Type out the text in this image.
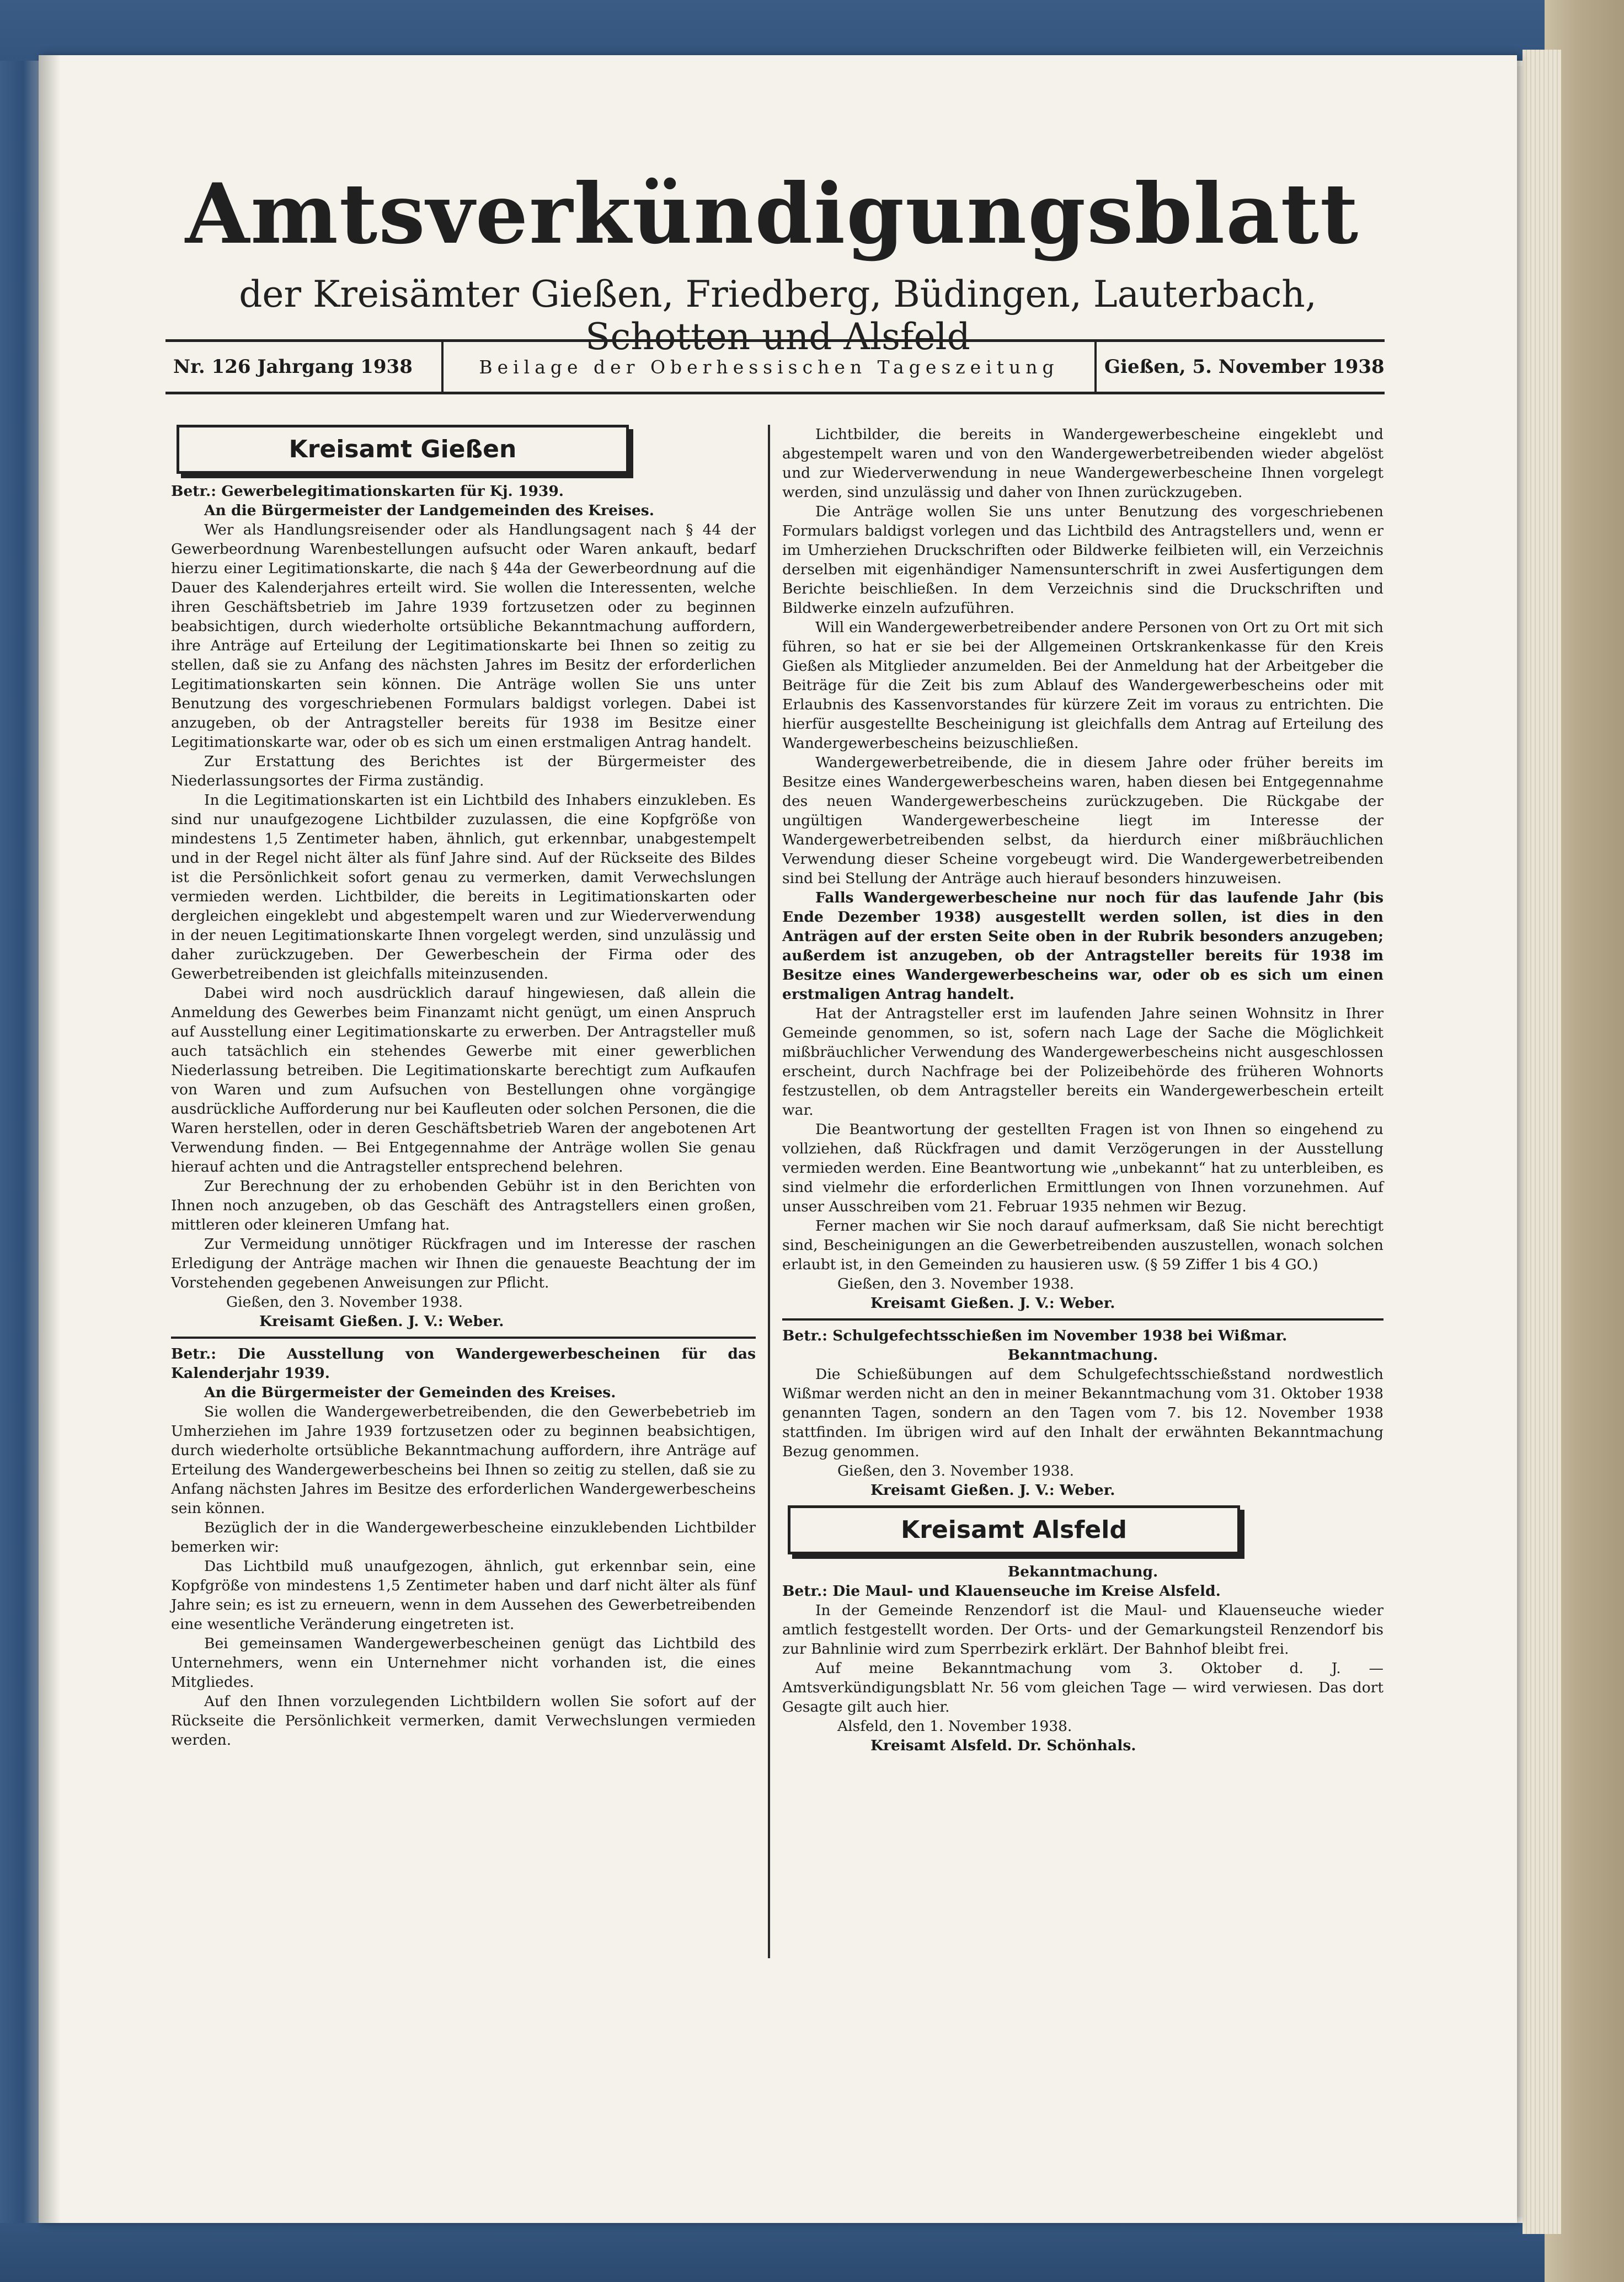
Amtsverkündigungsblatt
der Kreisämter Gießen, Friedberg, Büdingen, Lauterbach, Schotten und Alsfeld
Nr. 126 Jahrgang 1938	Beilage der Oberhessischen Tageszeitung	Gießen, 5. November 1938
Kreisamt Gießen
Betr.: Gewerbelegitimationskarten für Kj. 1939.
An die Bürgermeister der Landgemeinden des Kreises.
Wer als Handlungsreisender oder als Handlungsagent nach § 44 der Gewerbeordnung Warenbestellungen aufsucht oder Waren ankauft, bedarf hierzu einer Legitimationskarte, die nach § 44a der Gewerbeordnung auf die Dauer des Kalenderjahres erteilt wird. Sie wollen die Interessenten, welche ihren Geschäftsbetrieb im Jahre 1939 fortzusetzen oder zu beginnen beabsichtigen, durch wiederholte ortsübliche Bekanntmachung auffordern, ihre Anträge auf Erteilung der Legitimationskarte bei Ihnen so zeitig zu stellen, daß sie zu Anfang des nächsten Jahres im Besitz der erforderlichen Legitimationskarten sein können. Die Anträge wollen Sie uns unter Benutzung des vorgeschriebenen Formulars baldigst vorlegen. Dabei ist anzugeben, ob der Antragsteller bereits für 1938 im Besitze einer Legitimationskarte war, oder ob es sich um einen erstmaligen Antrag handelt.
Zur Erstattung des Berichtes ist der Bürgermeister des Niederlassungsortes der Firma zuständig.
In die Legitimationskarten ist ein Lichtbild des Inhabers einzukleben. Es sind nur unaufgezogene Lichtbilder zuzulassen, die eine Kopfgröße von mindestens 1,5 Zentimeter haben, ähnlich, gut erkennbar, unabgestempelt und in der Regel nicht älter als fünf Jahre sind. Auf der Rückseite des Bildes ist die Persönlichkeit sofort genau zu vermerken, damit Verwechslungen vermieden werden. Lichtbilder, die bereits in Legitimationskarten oder dergleichen eingeklebt und abgestempelt waren und zur Wiederverwendung in der neuen Legitimationskarte Ihnen vorgelegt werden, sind unzulässig und daher zurückzugeben. Der Gewerbeschein der Firma oder des Gewerbetreibenden ist gleichfalls miteinzusenden.
Dabei wird noch ausdrücklich darauf hingewiesen, daß allein die Anmeldung des Gewerbes beim Finanzamt nicht genügt, um einen Anspruch auf Ausstellung einer Legitimationskarte zu erwerben. Der Antragsteller muß auch tatsächlich ein stehendes Gewerbe mit einer gewerblichen Niederlassung betreiben. Die Legitimationskarte berechtigt zum Aufkaufen von Waren und zum Aufsuchen von Bestellungen ohne vorgängige ausdrückliche Aufforderung nur bei Kaufleuten oder solchen Personen, die die Waren herstellen, oder in deren Geschäftsbetrieb Waren der angebotenen Art Verwendung finden. — Bei Entgegennahme der Anträge wollen Sie genau hierauf achten und die Antragsteller entsprechend belehren.
Zur Berechnung der zu erhobenden Gebühr ist in den Berichten von Ihnen noch anzugeben, ob das Geschäft des Antragstellers einen großen, mittleren oder kleineren Umfang hat.
Zur Vermeidung unnötiger Rückfragen und im Interesse der raschen Erledigung der Anträge machen wir Ihnen die genaueste Beachtung der im Vorstehenden gegebenen Anweisungen zur Pflicht.
Gießen, den 3. November 1938.
Kreisamt Gießen. J. V.: Weber.
Betr.: Die Ausstellung von Wandergewerbescheinen für das Kalenderjahr 1939.
An die Bürgermeister der Gemeinden des Kreises.
Sie wollen die Wandergewerbetreibenden, die den Gewerbebetrieb im Umherziehen im Jahre 1939 fortzusetzen oder zu beginnen beabsichtigen, durch wiederholte ortsübliche Bekanntmachung auffordern, ihre Anträge auf Erteilung des Wandergewerbescheins bei Ihnen so zeitig zu stellen, daß sie zu Anfang nächsten Jahres im Besitze des erforderlichen Wandergewerbescheins sein können.
Bezüglich der in die Wandergewerbescheine einzuklebenden Lichtbilder bemerken wir:
Das Lichtbild muß unaufgezogen, ähnlich, gut erkennbar sein, eine Kopfgröße von mindestens 1,5 Zentimeter haben und darf nicht älter als fünf Jahre sein; es ist zu erneuern, wenn in dem Aussehen des Gewerbetreibenden eine wesentliche Veränderung eingetreten ist.
Bei gemeinsamen Wandergewerbescheinen genügt das Lichtbild des Unternehmers, wenn ein Unternehmer nicht vorhanden ist, die eines Mitgliedes.
Auf den Ihnen vorzulegenden Lichtbildern wollen Sie sofort auf der Rückseite die Persönlichkeit vermerken, damit Verwechslungen vermieden werden.
Lichtbilder, die bereits in Wandergewerbescheine eingeklebt und abgestempelt waren und von den Wandergewerbetreibenden wieder abgelöst und zur Wiederverwendung in neue Wandergewerbescheine Ihnen vorgelegt werden, sind unzulässig und daher von Ihnen zurückzugeben.
Die Anträge wollen Sie uns unter Benutzung des vorgeschriebenen Formulars baldigst vorlegen und das Lichtbild des Antragstellers und, wenn er im Umherziehen Druckschriften oder Bildwerke feilbieten will, ein Verzeichnis derselben mit eigenhändiger Namensunterschrift in zwei Ausfertigungen dem Berichte beischließen. In dem Verzeichnis sind die Druckschriften und Bildwerke einzeln aufzuführen.
Will ein Wandergewerbetreibender andere Personen von Ort zu Ort mit sich führen, so hat er sie bei der Allgemeinen Ortskrankenkasse für den Kreis Gießen als Mitglieder anzumelden. Bei der Anmeldung hat der Arbeitgeber die Beiträge für die Zeit bis zum Ablauf des Wandergewerbescheins oder mit Erlaubnis des Kassenvorstandes für kürzere Zeit im voraus zu entrichten. Die hierfür ausgestellte Bescheinigung ist gleichfalls dem Antrag auf Erteilung des Wandergewerbescheins beizuschließen.
Wandergewerbetreibende, die in diesem Jahre oder früher bereits im Besitze eines Wandergewerbescheins waren, haben diesen bei Entgegennahme des neuen Wandergewerbescheins zurückzugeben. Die Rückgabe der ungültigen Wandergewerbescheine liegt im Interesse der Wandergewerbetreibenden selbst, da hierdurch einer mißbräuchlichen Verwendung dieser Scheine vorgebeugt wird. Die Wandergewerbetreibenden sind bei Stellung der Anträge auch hierauf besonders hinzuweisen.
Falls Wandergewerbescheine nur noch für das laufende Jahr (bis Ende Dezember 1938) ausgestellt werden sollen, ist dies in den Anträgen auf der ersten Seite oben in der Rubrik besonders anzugeben; außerdem ist anzugeben, ob der Antragsteller bereits für 1938 im Besitze eines Wandergewerbescheins war, oder ob es sich um einen erstmaligen Antrag handelt.
Hat der Antragsteller erst im laufenden Jahre seinen Wohnsitz in Ihrer Gemeinde genommen, so ist, sofern nach Lage der Sache die Möglichkeit mißbräuchlicher Verwendung des Wandergewerbescheins nicht ausgeschlossen erscheint, durch Nachfrage bei der Polizeibehörde des früheren Wohnorts festzustellen, ob dem Antragsteller bereits ein Wandergewerbeschein erteilt war.
Die Beantwortung der gestellten Fragen ist von Ihnen so eingehend zu vollziehen, daß Rückfragen und damit Verzögerungen in der Ausstellung vermieden werden. Eine Beantwortung wie „unbekannt“ hat zu unterbleiben, es sind vielmehr die erforderlichen Ermittlungen von Ihnen vorzunehmen. Auf unser Ausschreiben vom 21. Februar 1935 nehmen wir Bezug.
Ferner machen wir Sie noch darauf aufmerksam, daß Sie nicht berechtigt sind, Bescheinigungen an die Gewerbetreibenden auszustellen, wonach solchen erlaubt ist, in den Gemeinden zu hausieren usw. (§ 59 Ziffer 1 bis 4 GO.)
Gießen, den 3. November 1938.
Kreisamt Gießen. J. V.: Weber.
Betr.: Schulgefechtsschießen im November 1938 bei Wißmar.
Bekanntmachung.
Die Schießübungen auf dem Schulgefechtsschießstand nordwestlich Wißmar werden nicht an den in meiner Bekanntmachung vom 31. Oktober 1938 genannten Tagen, sondern an den Tagen vom 7. bis 12. November 1938 stattfinden. Im übrigen wird auf den Inhalt der erwähnten Bekanntmachung Bezug genommen.
Gießen, den 3. November 1938.
Kreisamt Gießen. J. V.: Weber.
Kreisamt Alsfeld
Bekanntmachung.
Betr.: Die Maul- und Klauenseuche im Kreise Alsfeld.
In der Gemeinde Renzendorf ist die Maul- und Klauenseuche wieder amtlich festgestellt worden. Der Orts- und der Gemarkungsteil Renzendorf bis zur Bahnlinie wird zum Sperrbezirk erklärt. Der Bahnhof bleibt frei.
Auf meine Bekanntmachung vom 3. Oktober d. J. — Amtsverkündigungsblatt Nr. 56 vom gleichen Tage — wird verwiesen. Das dort Gesagte gilt auch hier.
Alsfeld, den 1. November 1938.
Kreisamt Alsfeld. Dr. Schönhals.
